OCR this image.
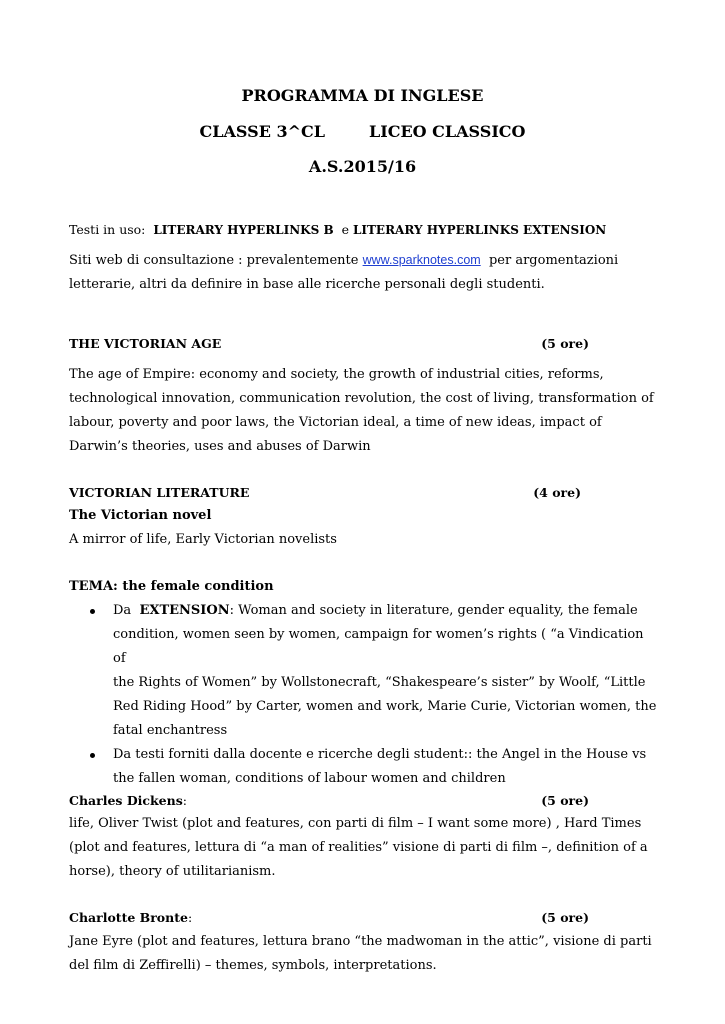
PROGRAMMA DI INGLESE
CLASSE 3^CL	LICEO CLASSICO
A.S.2015/16
Testi in uso: LITERARY HYPERLINKS B e LITERARY HYPERLINKS EXTENSION
Siti web di consultazione : prevalentemente www.sparknotes.com per argomentazioni
letterarie, altri da definire in base alle ricerche personali degli studenti.
THE VICTORIAN AGE	(5 ore)
The age of Empire: economy and society, the growth of industrial cities, reforms,
technological innovation, communication revolution, the cost of living, transformation of
labour, poverty and poor laws, the Victorian ideal, a time of new ideas, impact of
Darwin’s theories, uses and abuses of Darwin
VICTORIAN LITERATURE	(4 ore)
The Victorian novel
A mirror of life, Early Victorian novelists
TEMA: the female condition
Da EXTENSION: Woman and society in literature, gender equality, the female
condition, women seen by women, campaign for women’s rights ( “a Vindication of
the Rights of Women” by Wollstonecraft, “Shakespeare’s sister” by Woolf, “Little
Red Riding Hood” by Carter, women and work, Marie Curie, Victorian women, the
fatal enchantress
Da testi forniti dalla docente e ricerche degli student:: the Angel in the House vs
the fallen woman, conditions of labour women and children
Charles Dickens:	(5 ore)
life, Oliver Twist (plot and features, con parti di film – I want some more) , Hard Times
(plot and features, lettura di “a man of realities” visione di parti di film –, definition of a
horse), theory of utilitarianism.
Charlotte Bronte:	(5 ore)
Jane Eyre (plot and features, lettura brano “the madwoman in the attic”, visione di parti
del film di Zeffirelli) – themes, symbols, interpretations.
